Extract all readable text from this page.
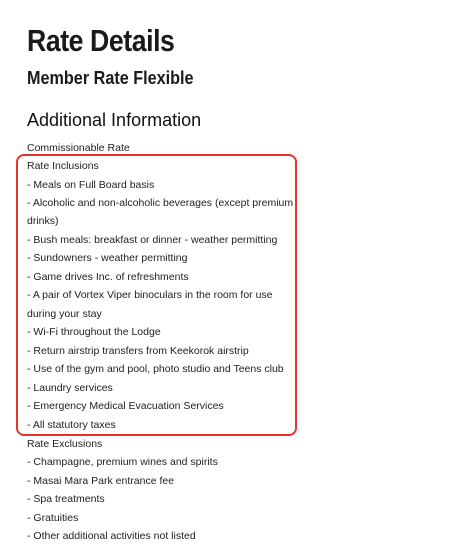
Rate Details
Member Rate Flexible
Additional Information

Commissionable Rate

Rate Inclusions

- Meals on Full Board basis

- Alcoholic and non-alcoholic beverages (except premium

drinks)

- Bush meals: breakfast or dinner - weather permitting

- Sundowners - weather permitting

- Game drives Inc. of refreshments

- A pair of Vortex Viper binoculars in the room for use

during your stay

- Wi-Fi throughout the Lodge

- Return airstrip transfers from Keekorok airstrip

- Use of the gym and pool, photo studio and Teens club

- Laundry services

- Emergency Medical Evacuation Services

- All statutory taxes

Rate Exclusions

- Champagne, premium wines and spirits

- Masai Mara Park entrance fee

- Spa treatments

- Gratuities

- Other additional activities not listed
